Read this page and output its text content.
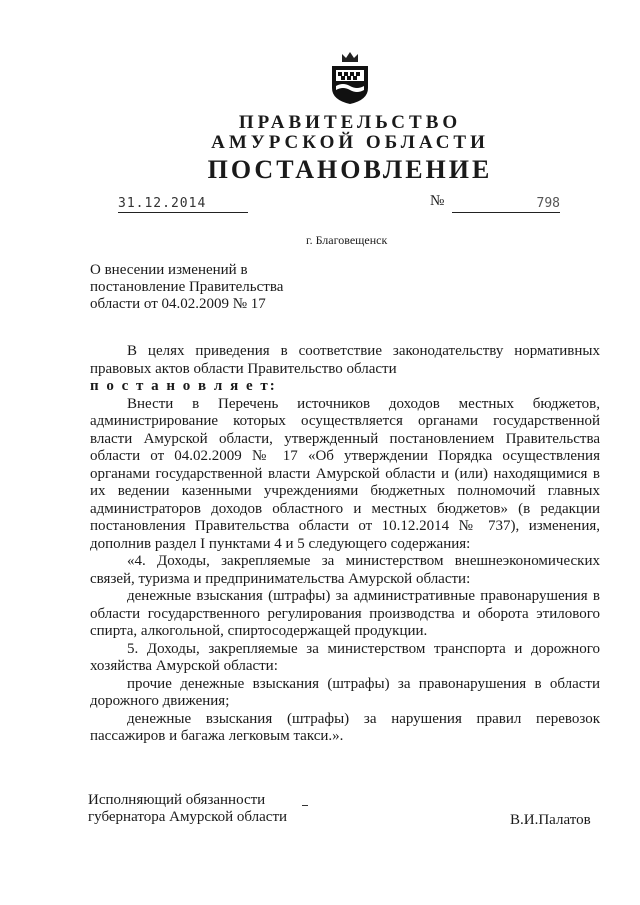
ПРАВИТЕЛЬСТВО
АМУРСКОЙ ОБЛАСТИ
ПОСТАНОВЛЕНИЕ
31.12.2014	№	798
г. Благовещенск
О внесении изменений в
постановление Правительства
области от 04.02.2009 № 17

В целях приведения в соответствие законодательству нормативных правовых актов области Правительство области

п о с т а н о в л я е т:

Внести в Перечень источников доходов местных бюджетов, администрирование которых осуществляется органами государственной власти Амурской области, утвержденный постановлением Правительства области от 04.02.2009 № 17 «Об утверждении Порядка осуществления органами государственной власти Амурской области и (или) находящимися в их ведении казенными учреждениями бюджетных полномочий главных администраторов доходов областного и местных бюджетов» (в редакции постановления Правительства области от 10.12.2014 № 737), изменения, дополнив раздел I пунктами 4 и 5 следующего содержания:

«4. Доходы, закрепляемые за министерством внешнеэкономических связей, туризма и предпринимательства Амурской области:

денежные взыскания (штрафы) за административные правонарушения в области государственного регулирования производства и оборота этилового спирта, алкогольной, спиртосодержащей продукции.

5. Доходы, закрепляемые за министерством транспорта и дорожного хозяйства Амурской области:

прочие денежные взыскания (штрафы) за правонарушения в области дорожного движения;

денежные взыскания (штрафы) за нарушения правил перевозок пассажиров и багажа легковым такси.».

Исполняющий обязанности
губернатора Амурской области	В.И.Палатов
